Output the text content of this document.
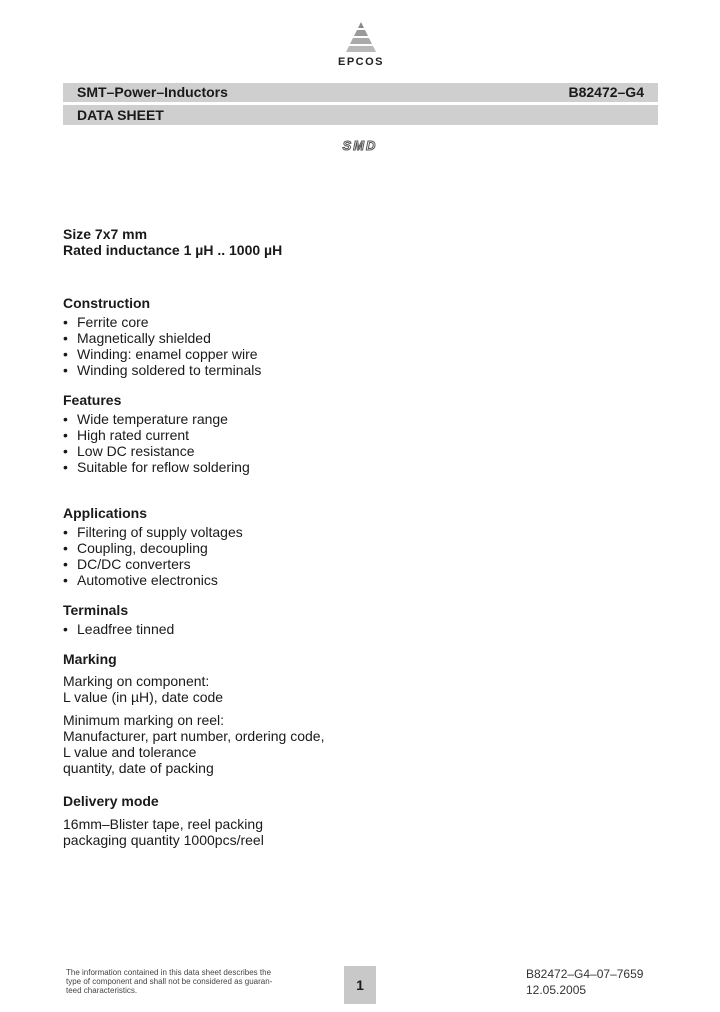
EPCOS
SMT–Power–Inductors	B82472–G4
DATA SHEET
SMD
Size 7x7 mm
Rated inductance 1 µH .. 1000 µH
Construction
• Ferrite core
• Magnetically shielded
• Winding: enamel copper wire
• Winding soldered to terminals
Features
• Wide temperature range
• High rated current
• Low DC resistance
• Suitable for reflow soldering
Applications
• Filtering of supply voltages
• Coupling, decoupling
• DC/DC converters
• Automotive electronics
Terminals
• Leadfree tinned
Marking

Marking on component:

L value (in µH), date code

Minimum marking on reel:

Manufacturer, part number, ordering code,

L value and tolerance

quantity, date of packing

Delivery mode

16mm–Blister tape, reel packing

packaging quantity 1000pcs/reel

The information contained in this data sheet describes the
type of component and shall not be considered as guaran-
teed characteristics.	1
B82472–G4–07–7659
12.05.2005
